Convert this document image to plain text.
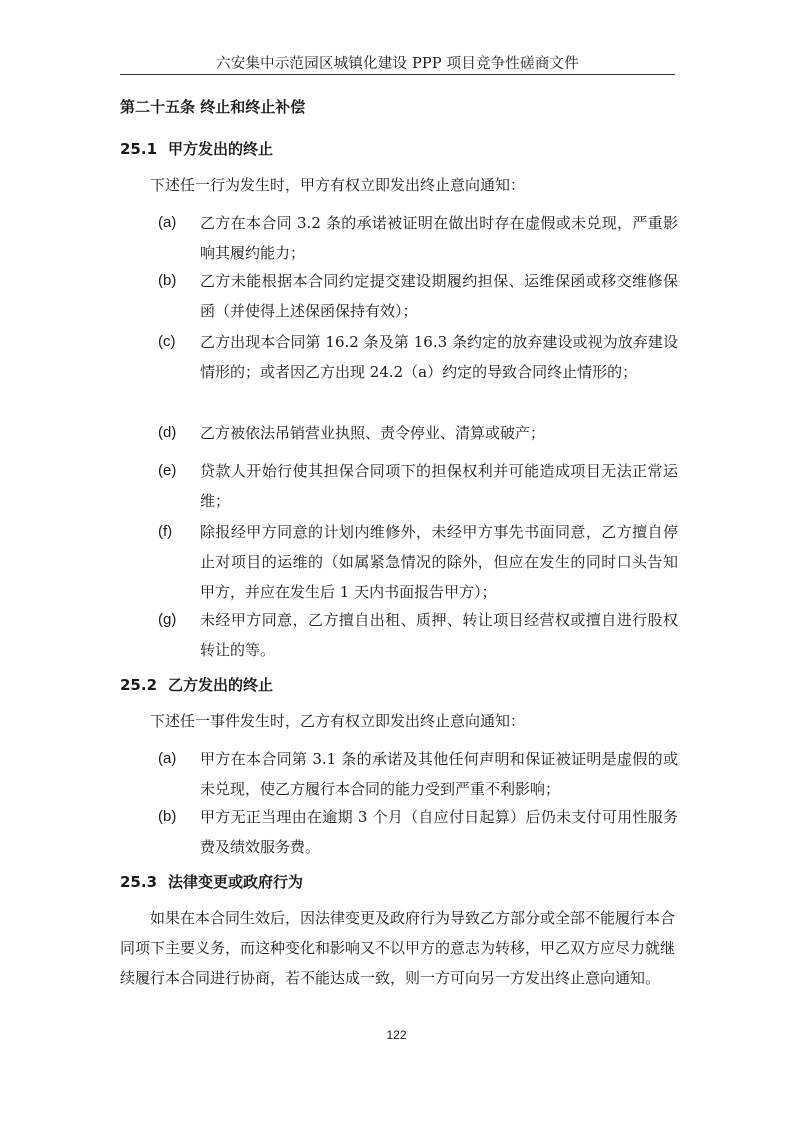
六安集中示范园区城镇化建设 PPP 项目竞争性磋商文件
第二十五条 终止和终止补偿
25.1 甲方发出的终止
下述任一行为发生时，甲方有权立即发出终止意向通知：
(a) 乙方在本合同 3.2 条的承诺被证明在做出时存在虚假或未兑现，严重影响其履约能力；
(b) 乙方未能根据本合同约定提交建设期履约担保、运维保函或移交维修保函（并使得上述保函保持有效）；
(c) 乙方出现本合同第 16.2 条及第 16.3 条约定的放弃建设或视为放弃建设情形的；或者因乙方出现 24.2（a）约定的导致合同终止情形的；
(d) 乙方被依法吊销营业执照、责令停业、清算或破产；
(e) 贷款人开始行使其担保合同项下的担保权利并可能造成项目无法正常运维；
(f) 除报经甲方同意的计划内维修外，未经甲方事先书面同意，乙方擅自停止对项目的运维的（如属紧急情况的除外，但应在发生的同时口头告知甲方，并应在发生后 1 天内书面报告甲方）；
(g) 未经甲方同意，乙方擅自出租、质押、转让项目经营权或擅自进行股权转让的等。
25.2 乙方发出的终止
下述任一事件发生时，乙方有权立即发出终止意向通知：
(a) 甲方在本合同第 3.1 条的承诺及其他任何声明和保证被证明是虚假的或未兑现，使乙方履行本合同的能力受到严重不利影响；
(b) 甲方无正当理由在逾期 3 个月（自应付日起算）后仍未支付可用性服务费及绩效服务费。
25.3 法律变更或政府行为
如果在本合同生效后，因法律变更及政府行为导致乙方部分或全部不能履行本合同项下主要义务，而这种变化和影响又不以甲方的意志为转移，甲乙双方应尽力就继续履行本合同进行协商，若不能达成一致，则一方可向另一方发出终止意向通知。
122
